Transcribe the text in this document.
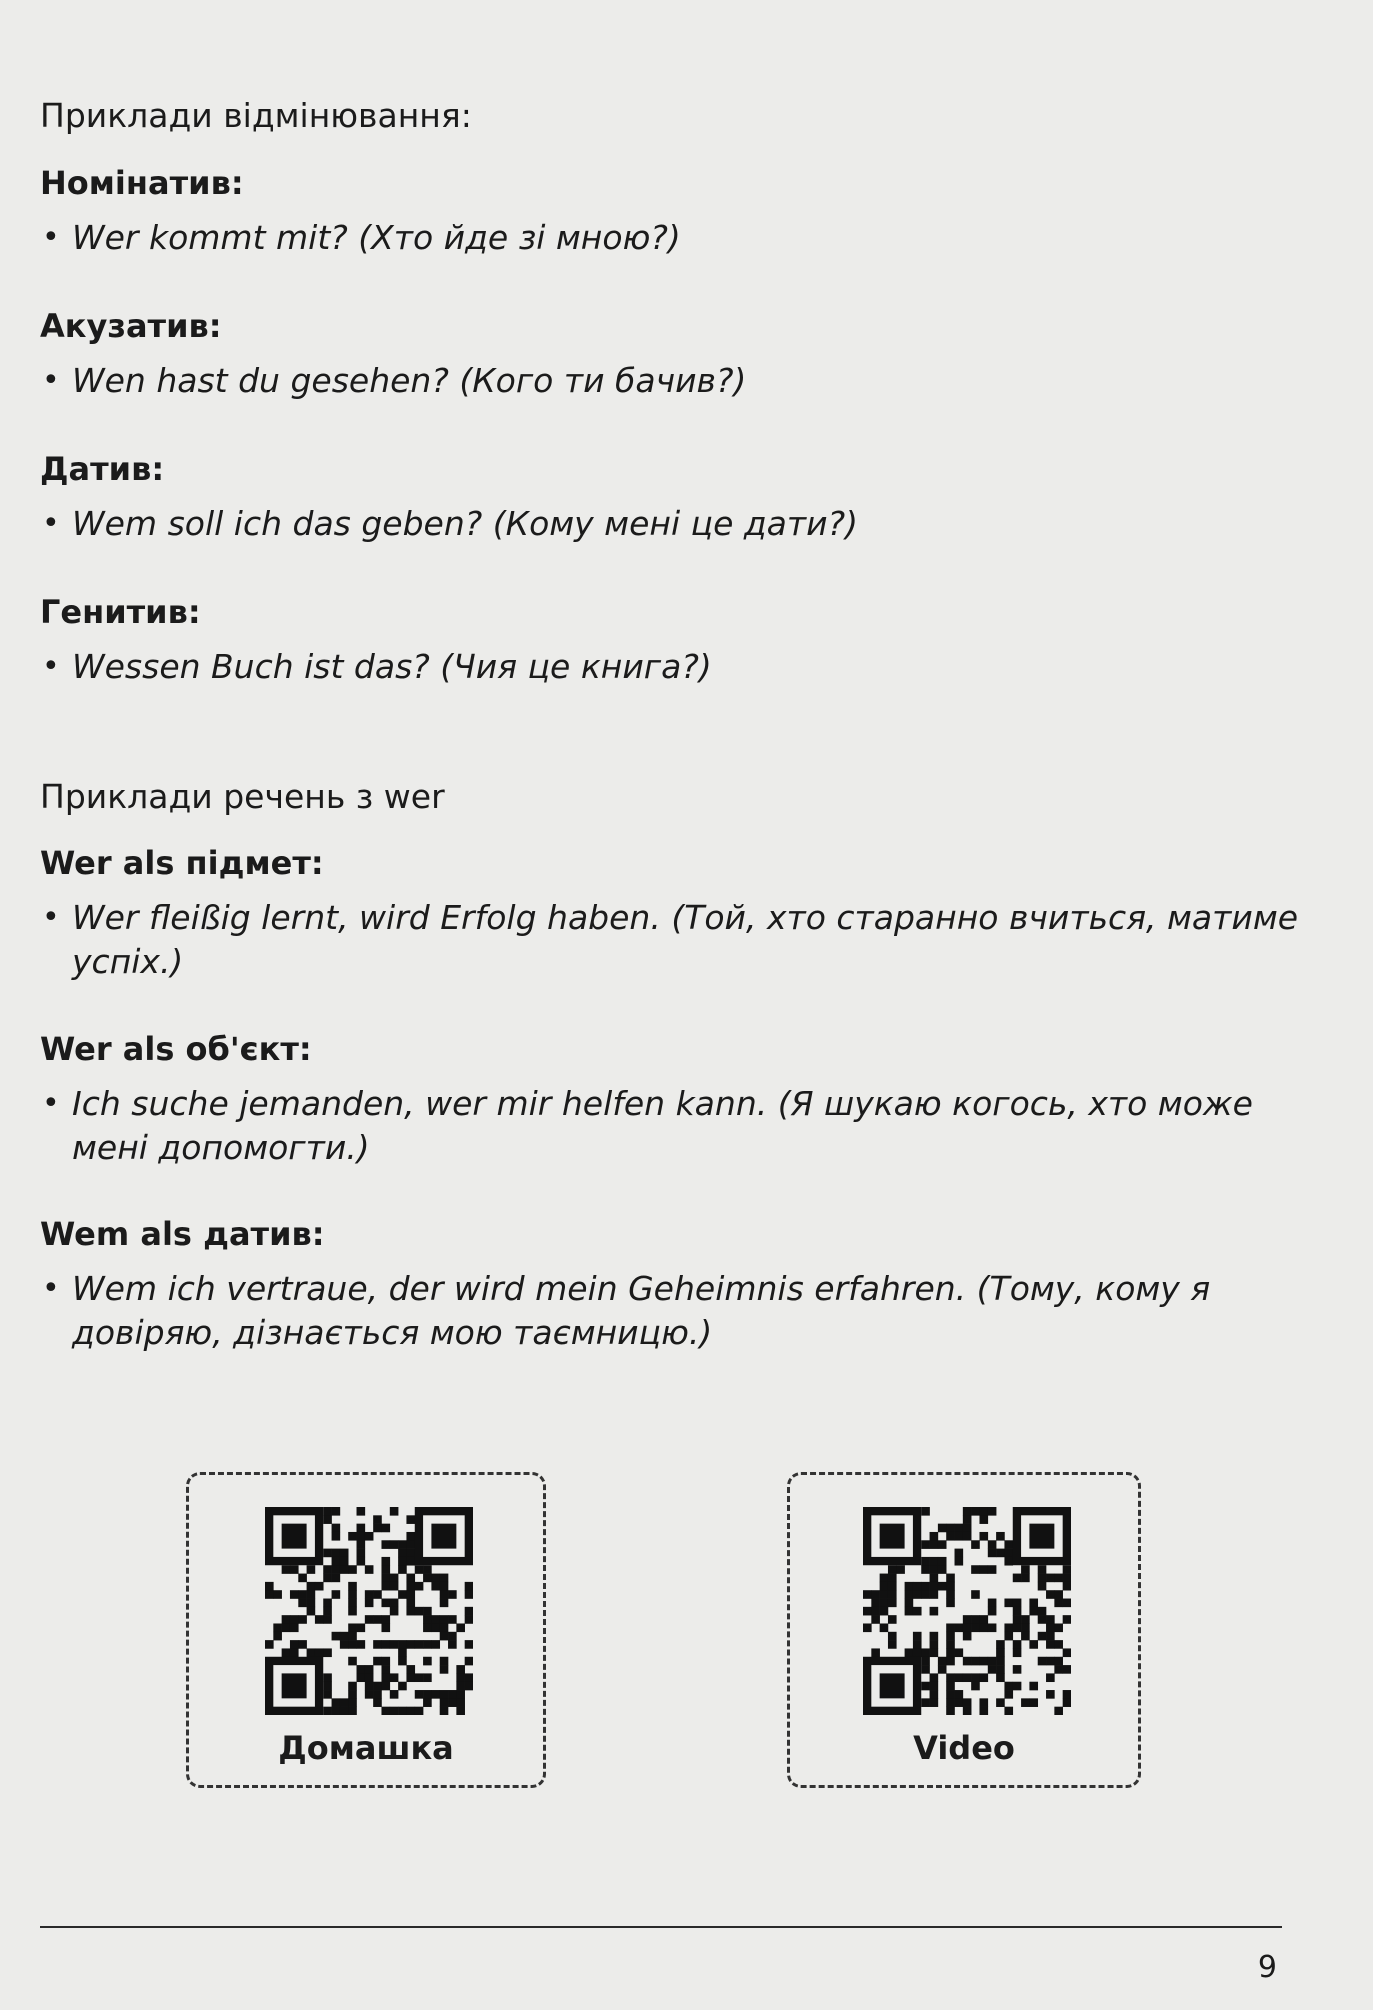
Приклади відмінювання:
Номінатив:

• Wer kommt mit? (Хто йде зі мною?)

Акузатив:

• Wen hast du gesehen? (Кого ти бачив?)

Датив:

• Wem soll ich das geben? (Кому мені це дати?)

Генитив:

• Wessen Buch ist das? (Чия це книга?)

Приклади речень з wer
Wer als підмет:

• Wer fleißig lernt, wird Erfolg haben. (Той, хто старанно вчиться, матиме успіх.)

Wer als об'єкт:

• Ich suche jemanden, wer mir helfen kann. (Я шукаю когось, хто може мені допомогти.)

Wem als датив:

• Wem ich vertraue, der wird mein Geheimnis erfahren. (Тому, кому я довіряю, дізнається мою таємницю.)

Домашка	Video
9
